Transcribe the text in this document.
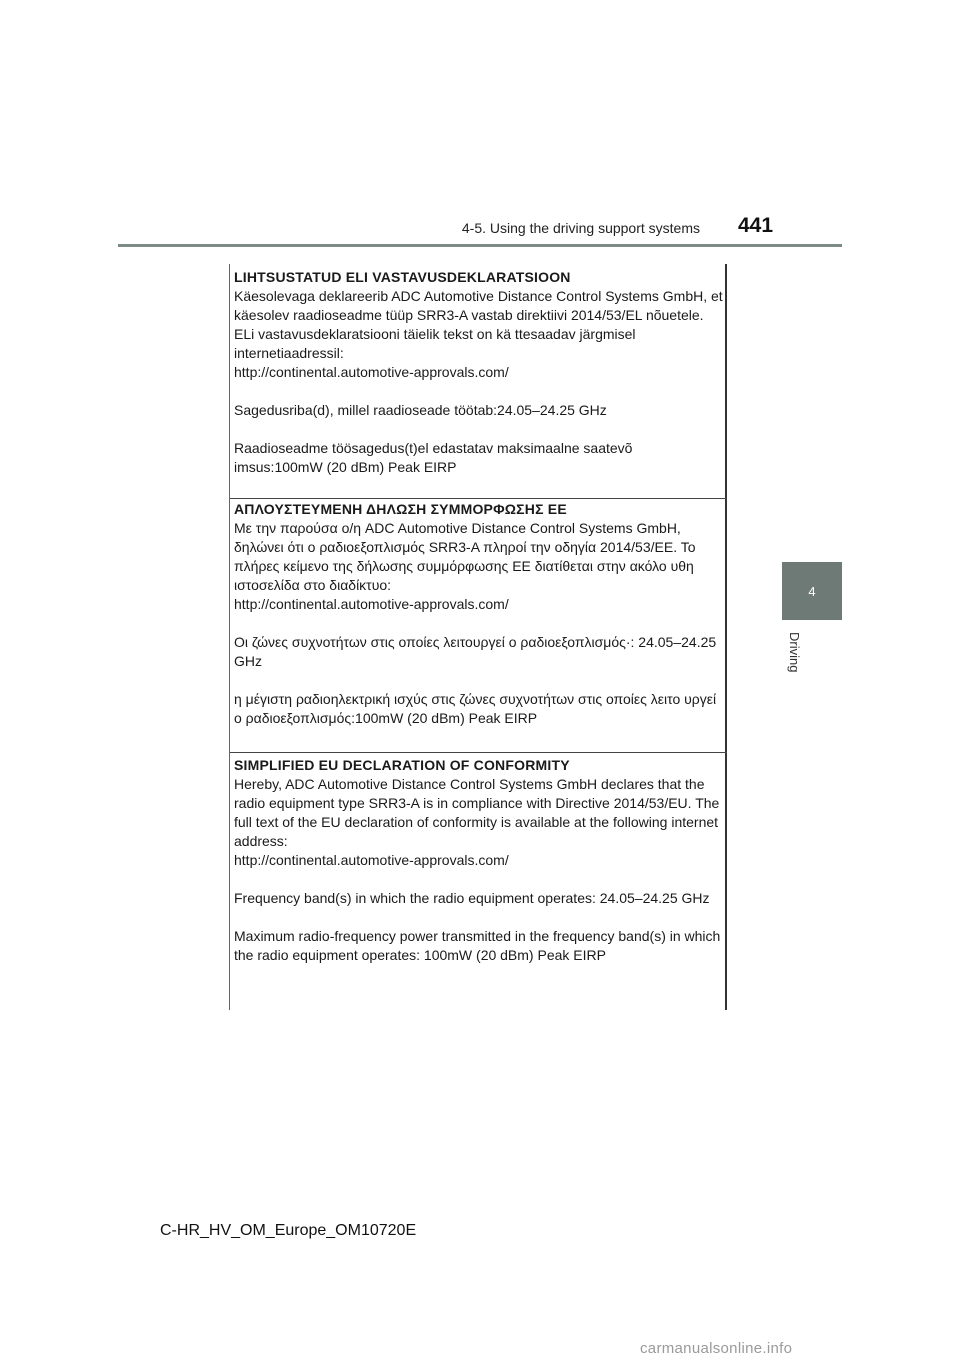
4-5. Using the driving support systems 441
4
Driving
LIHTSUSTATUD ELI VASTAVUSDEKLARATSIOON

Käesolevaga deklareerib ADC Automotive Distance Control Systems GmbH, et käesolev raadioseadme tüüp SRR3-A vastab direktiivi 2014/53/EL nõuetele. ELi vastavusdeklaratsiooni täielik tekst on kä ttesaadav järgmisel internetiaadressil:

http://continental.automotive-approvals.com/

Sagedusriba(d), millel raadioseade töötab:24.05–24.25 GHz

Raadioseadme töösagedus(t)el edastatav maksimaalne saatevõ imsus:100mW (20 dBm) Peak EIRP

ΑΠΛΟΥΣΤΕΥΜΕΝΗ ΔΗΛΩΣΗ ΣΥΜΜΟΡΦΩΣΗΣ ΕΕ

Με την παρούσα ο/η ADC Automotive Distance Control Systems GmbH, δηλώνει ότι ο ραδιοεξοπλισμός SRR3-A πληροί την οδηγία 2014/53/ΕΕ. Το πλήρες κείμενο της δήλωσης συμμόρφωσης ΕΕ διατίθεται στην ακόλο υθη ιστοσελίδα στο διαδίκτυο:

http://continental.automotive-approvals.com/

Οι ζώνες συχνοτήτων στις οποίες λειτουργεί ο ραδιοεξοπλισμός·: 24.05–24.25 GHz

η μέγιστη ραδιοηλεκτρική ισχύς στις ζώνες συχνοτήτων στις οποίες λειτο υργεί ο ραδιοεξοπλισμός:100mW (20 dBm) Peak EIRP

SIMPLIFIED EU DECLARATION OF CONFORMITY

Hereby, ADC Automotive Distance Control Systems GmbH declares that the radio equipment type SRR3-A is in compliance with Directive 2014/53/EU. The full text of the EU declaration of conformity is available at the following internet address:

http://continental.automotive-approvals.com/

Frequency band(s) in which the radio equipment operates: 24.05–24.25 GHz

Maximum radio-frequency power transmitted in the frequency band(s) in which the radio equipment operates: 100mW (20 dBm) Peak EIRP

C-HR_HV_OM_Europe_OM10720E
carmanualsonline.info
